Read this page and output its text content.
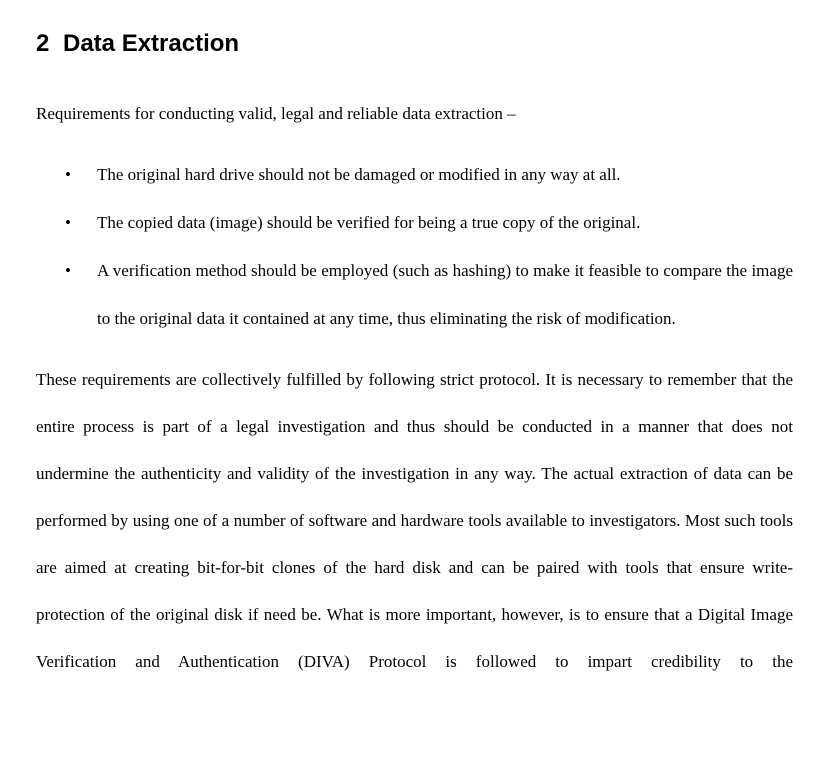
2 Data Extraction

Requirements for conducting valid, legal and reliable data extraction –

• The original hard drive should not be damaged or modified in any way at all.
• The copied data (image) should be verified for being a true copy of the original.
• A verification method should be employed (such as hashing) to make it feasible to compare the image to the original data it contained at any time, thus eliminating the risk of modification.

These requirements are collectively fulfilled by following strict protocol. It is necessary to remember that the entire process is part of a legal investigation and thus should be conducted in a manner that does not undermine the authenticity and validity of the investigation in any way. The actual extraction of data can be performed by using one of a number of software and hardware tools available to investigators. Most such tools are aimed at creating bit-for-bit clones of the hard disk and can be paired with tools that ensure write-protection of the original disk if need be. What is more important, however, is to ensure that a Digital Image Verification and Authentication (DIVA) Protocol is followed to impart credibility to the
